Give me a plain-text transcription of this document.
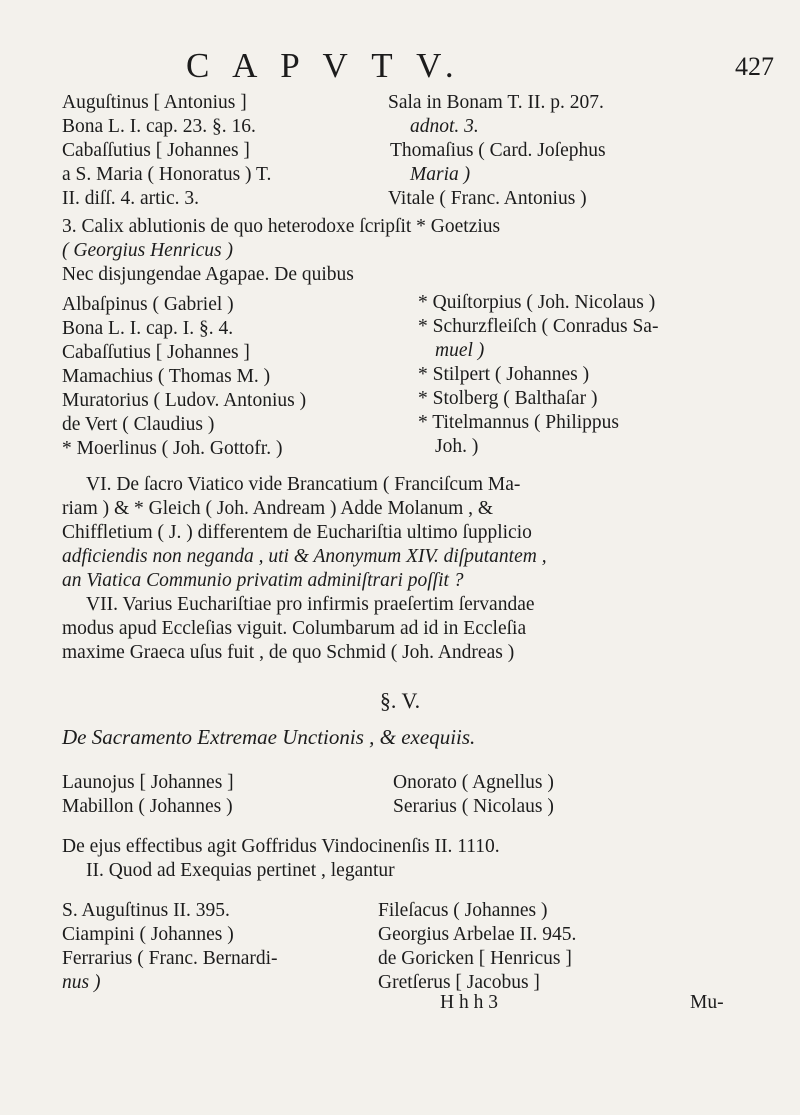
C A P V T V.	427
Auguſtinus [ Antonius ]
Bona L. I. cap. 23. §. 16.
Cabaſſutius [ Johannes ]
a S. Maria ( Honoratus ) T.
II. diſſ. 4. artic. 3.
Sala in Bonam T. II. p. 207.
adnot. 3.
Thomaſius ( Card. Joſephus
Maria )
Vitale ( Franc. Antonius )
3. Calix ablutionis de quo heterodoxe ſcripſit * Goetzius
( Georgius Henricus )
Nec disjungendae Agapae. De quibus
Albaſpinus ( Gabriel )
Bona L. I. cap. I. §. 4.
Cabaſſutius [ Johannes ]
Mamachius ( Thomas M. )
Muratorius ( Ludov. Antonius )
de Vert ( Claudius )
* Moerlinus ( Joh. Gottofr. )
* Quiſtorpius ( Joh. Nicolaus )
* Schurzfleiſch ( Conradus Sa-
muel )
* Stilpert ( Johannes )
* Stolberg ( Balthaſar )
* Titelmannus ( Philippus
Joh. )
VI. De ſacro Viatico vide Brancatium ( Franciſcum Ma-
riam ) & * Gleich ( Joh. Andream ) Adde Molanum , &
Chiffletium ( J. ) differentem de Euchariſtia ultimo ſupplicio
adficiendis non neganda , uti & Anonymum XIV. diſputantem ,
an Viatica Communio privatim adminiſtrari poſſit ?
VII. Varius Euchariſtiae pro infirmis praeſertim ſervandae
modus apud Eccleſias viguit. Columbarum ad id in Eccleſia
maxime Graeca uſus fuit , de quo Schmid ( Joh. Andreas )
§. V.
De Sacramento Extremae Unctionis , & exequiis.
Launojus [ Johannes ]
Mabillon ( Johannes )
Onorato ( Agnellus )
Serarius ( Nicolaus )
De ejus effectibus agit Goffridus Vindocinenſis II. 1110.
II. Quod ad Exequias pertinet , legantur
S. Auguſtinus II. 395.
Ciampini ( Johannes )
Ferrarius ( Franc. Bernardi-
nus )
Fileſacus ( Johannes )
Georgius Arbelae II. 945.
de Goricken [ Henricus ]
Gretſerus [ Jacobus ]
H h h 3	Mu-
